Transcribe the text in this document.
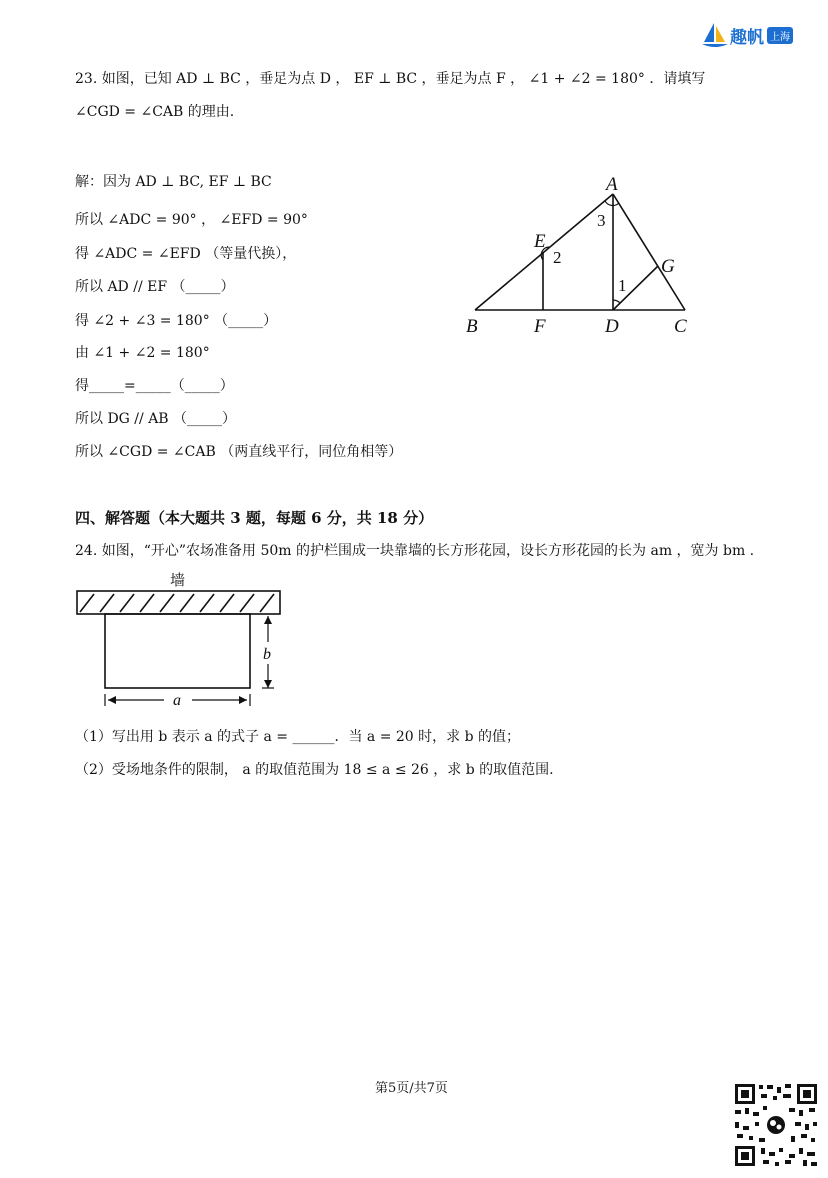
趣帆 上海
23. 如图，已知 AD ⊥ BC ，垂足为点 D ， EF ⊥ BC ，垂足为点 F ， ∠1 + ∠2 = 180° ．请填写
∠CGD = ∠CAB 的理由.
解：因为 AD ⊥ BC, EF ⊥ BC
所以 ∠ADC = 90° ， ∠EFD = 90°
得 ∠ADC = ∠EFD （等量代换），
所以 AD // EF （_____）
得 ∠2 + ∠3 = 180° （_____）
由 ∠1 + ∠2 = 180°
得_____=_____（_____）
所以 DG // AB （_____）
所以 ∠CGD = ∠CAB （两直线平行，同位角相等）
A
B	C
D
E
F
G
1
2
3
四、解答题（本大题共 3 题，每题 6 分，共 18 分）
24. 如图，“开心”农场准备用 50m 的护栏围成一块靠墙的长方形花园，设长方形花园的长为 am ，宽为 bm .
墙
b
a
（1）写出用 b 表示 a 的式子 a = ______．当 a = 20 时，求 b 的值；
（2）受场地条件的限制， a 的取值范围为 18 ≤ a ≤ 26 ，求 b 的取值范围.
第5页/共7页
